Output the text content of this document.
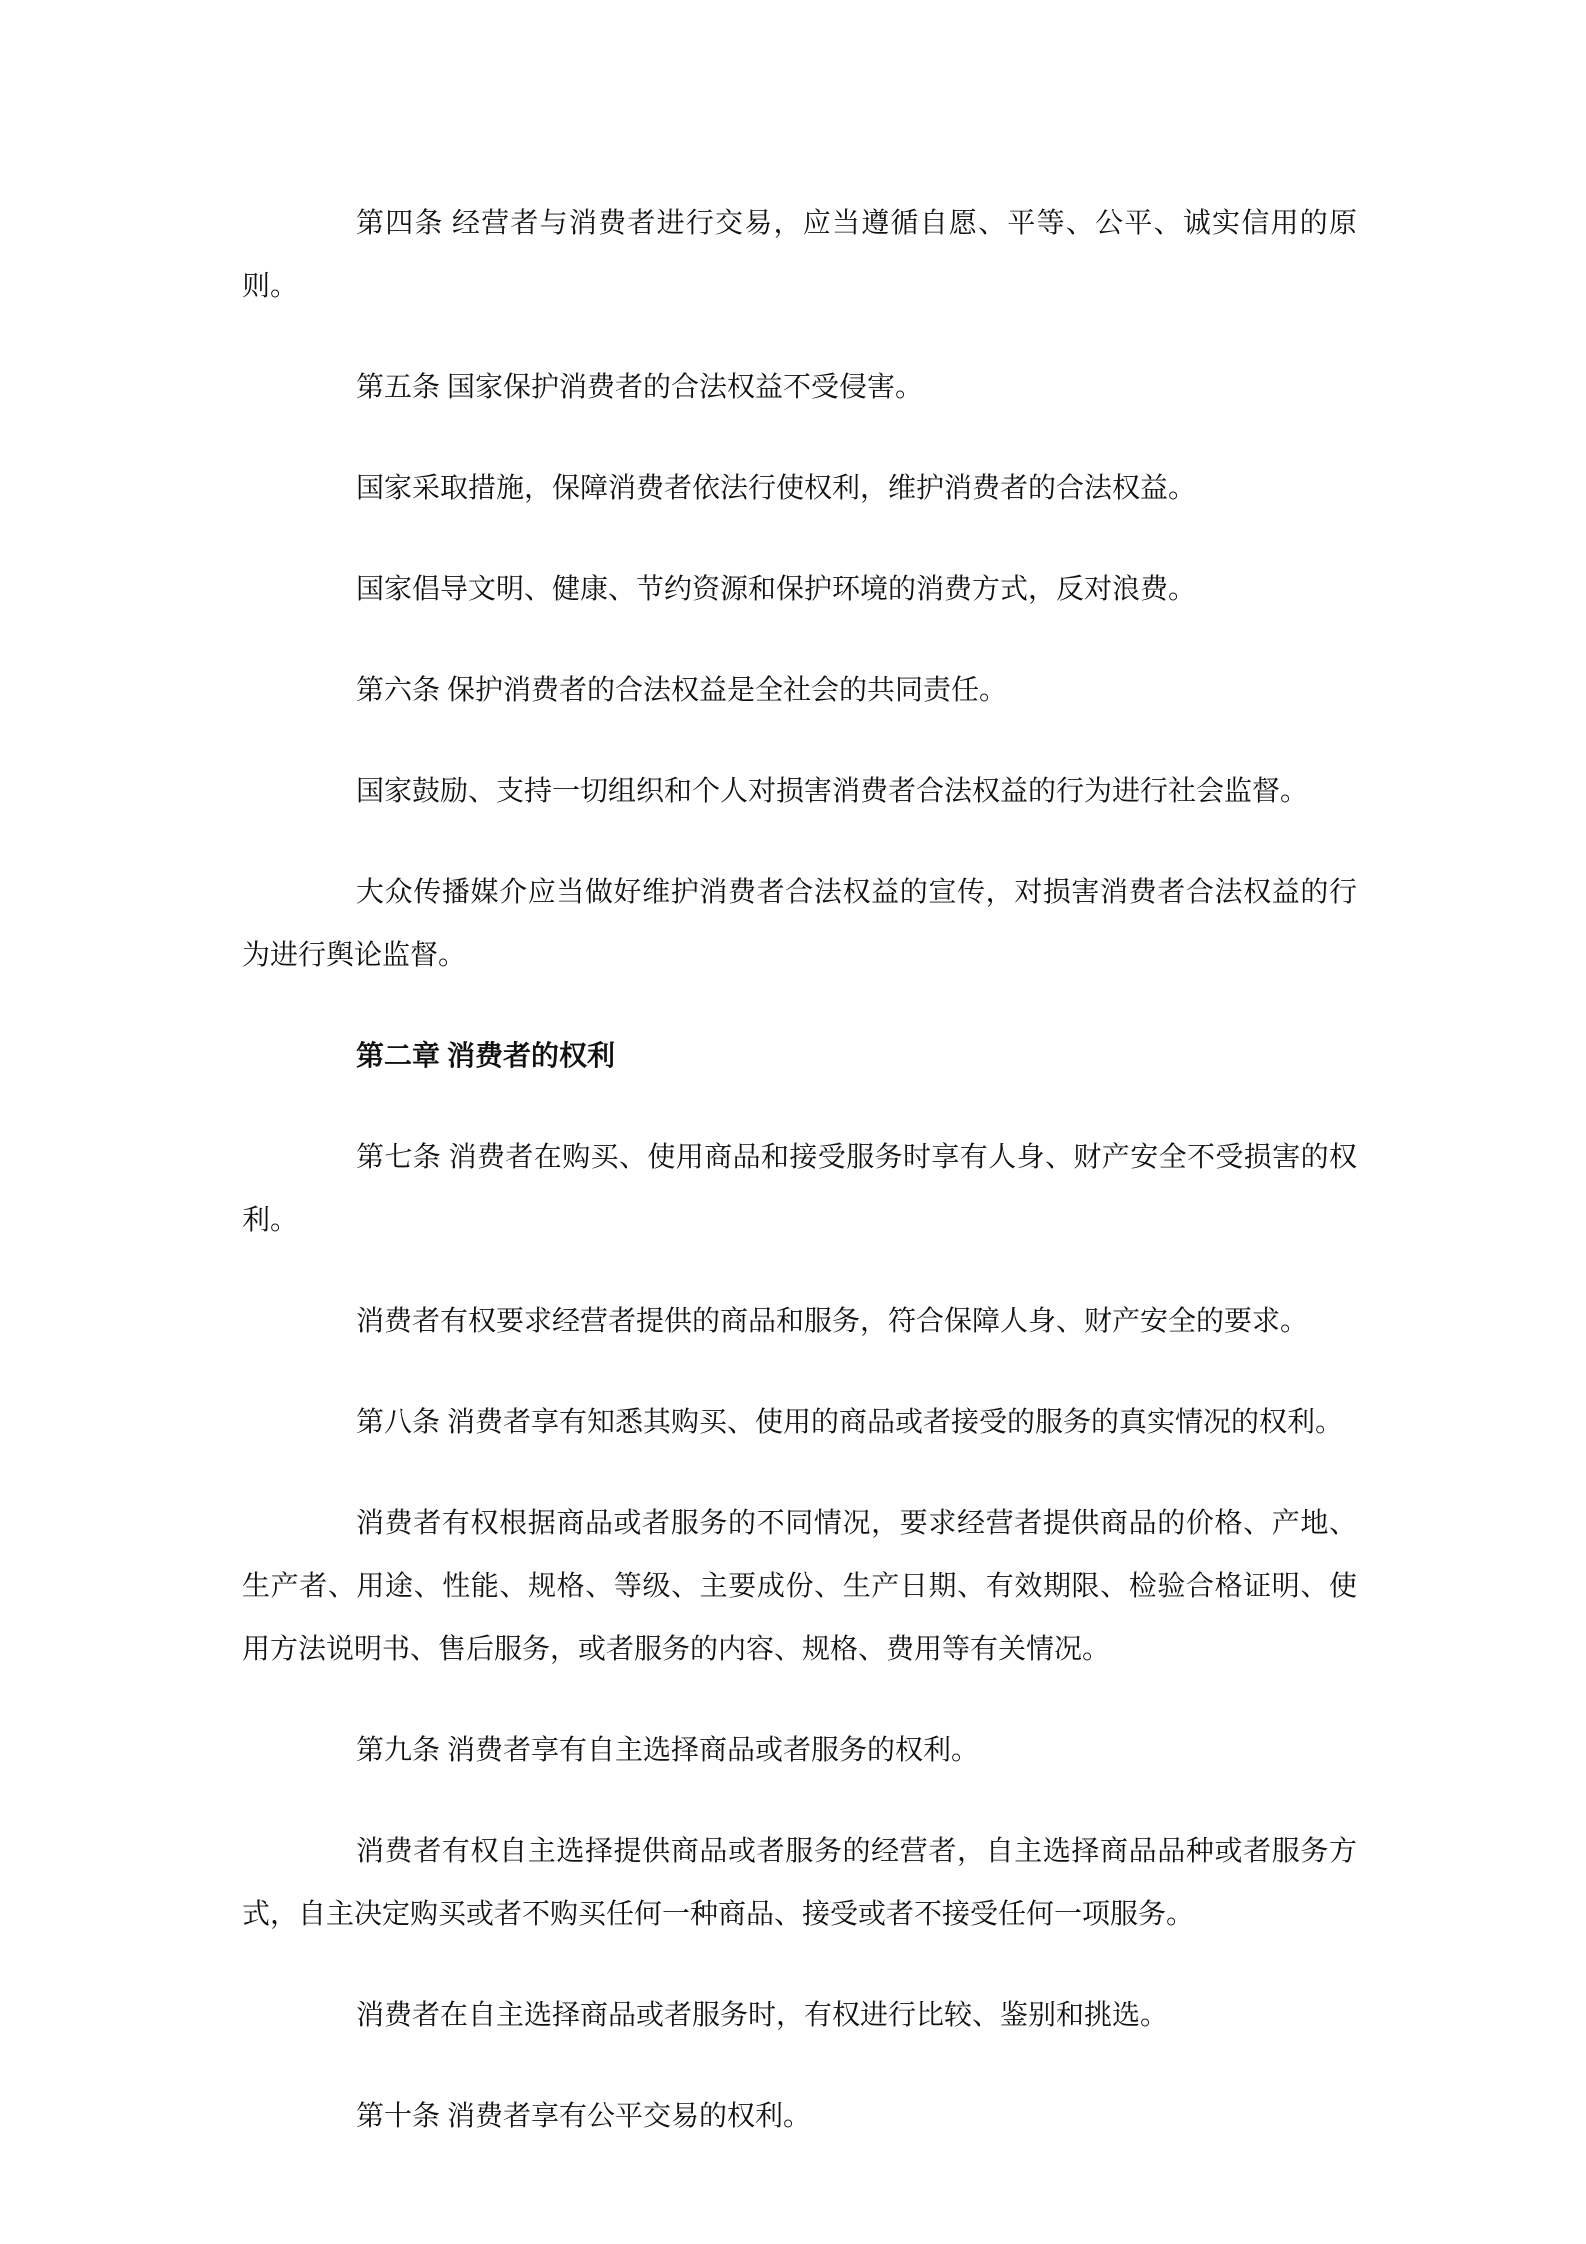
第四条 经营者与消费者进行交易，应当遵循自愿、平等、公平、诚实信用的原则。

第五条 国家保护消费者的合法权益不受侵害。

国家采取措施，保障消费者依法行使权利，维护消费者的合法权益。

国家倡导文明、健康、节约资源和保护环境的消费方式，反对浪费。

第六条 保护消费者的合法权益是全社会的共同责任。

国家鼓励、支持一切组织和个人对损害消费者合法权益的行为进行社会监督。

大众传播媒介应当做好维护消费者合法权益的宣传，对损害消费者合法权益的行为进行舆论监督。

第二章 消费者的权利

第七条 消费者在购买、使用商品和接受服务时享有人身、财产安全不受损害的权利。

消费者有权要求经营者提供的商品和服务，符合保障人身、财产安全的要求。

第八条 消费者享有知悉其购买、使用的商品或者接受的服务的真实情况的权利。

消费者有权根据商品或者服务的不同情况，要求经营者提供商品的价格、产地、生产者、用途、性能、规格、等级、主要成份、生产日期、有效期限、检验合格证明、使用方法说明书、售后服务，或者服务的内容、规格、费用等有关情况。

第九条 消费者享有自主选择商品或者服务的权利。

消费者有权自主选择提供商品或者服务的经营者，自主选择商品品种或者服务方式，自主决定购买或者不购买任何一种商品、接受或者不接受任何一项服务。

消费者在自主选择商品或者服务时，有权进行比较、鉴别和挑选。

第十条 消费者享有公平交易的权利。
